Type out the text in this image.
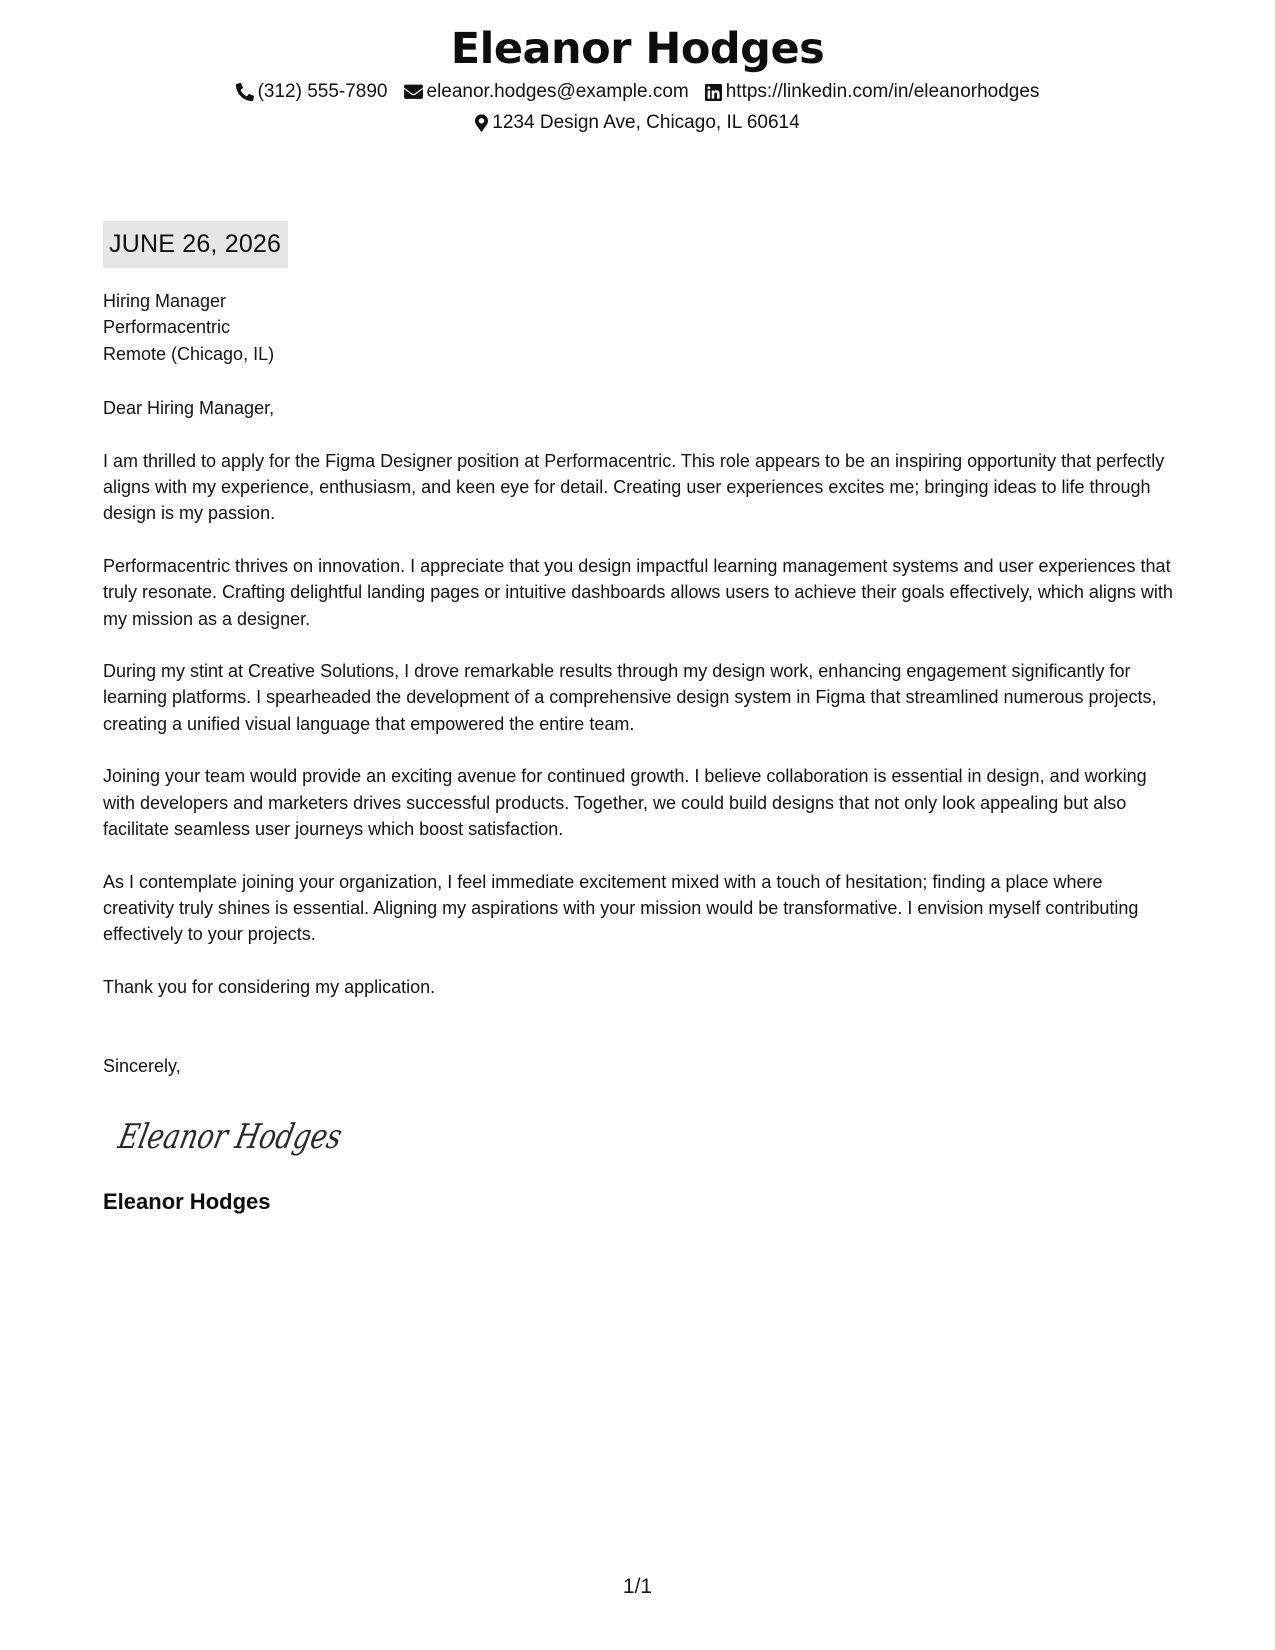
Eleanor Hodges
(312) 555-7890 eleanor.hodges@example.com https://linkedin.com/in/eleanorhodges
1234 Design Ave, Chicago, IL 60614
JUNE 26, 2026
Hiring Manager
Performacentric
Remote (Chicago, IL)
Dear Hiring Manager,

I am thrilled to apply for the Figma Designer position at Performacentric. This role appears to be an inspiring opportunity that perfectly aligns with my experience, enthusiasm, and keen eye for detail. Creating user experiences excites me; bringing ideas to life through design is my passion.

Performacentric thrives on innovation. I appreciate that you design impactful learning management systems and user experiences that truly resonate. Crafting delightful landing pages or intuitive dashboards allows users to achieve their goals effectively, which aligns with my mission as a designer.

During my stint at Creative Solutions, I drove remarkable results through my design work, enhancing engagement significantly for learning platforms. I spearheaded the development of a comprehensive design system in Figma that streamlined numerous projects, creating a unified visual language that empowered the entire team.

Joining your team would provide an exciting avenue for continued growth. I believe collaboration is essential in design, and working with developers and marketers drives successful products. Together, we could build designs that not only look appealing but also facilitate seamless user journeys which boost satisfaction.

As I contemplate joining your organization, I feel immediate excitement mixed with a touch of hesitation; finding a place where creativity truly shines is essential. Aligning my aspirations with your mission would be transformative. I envision myself contributing effectively to your projects.

Thank you for considering my application.

Sincerely,
Eleanor Hodges
Eleanor Hodges
1/1
